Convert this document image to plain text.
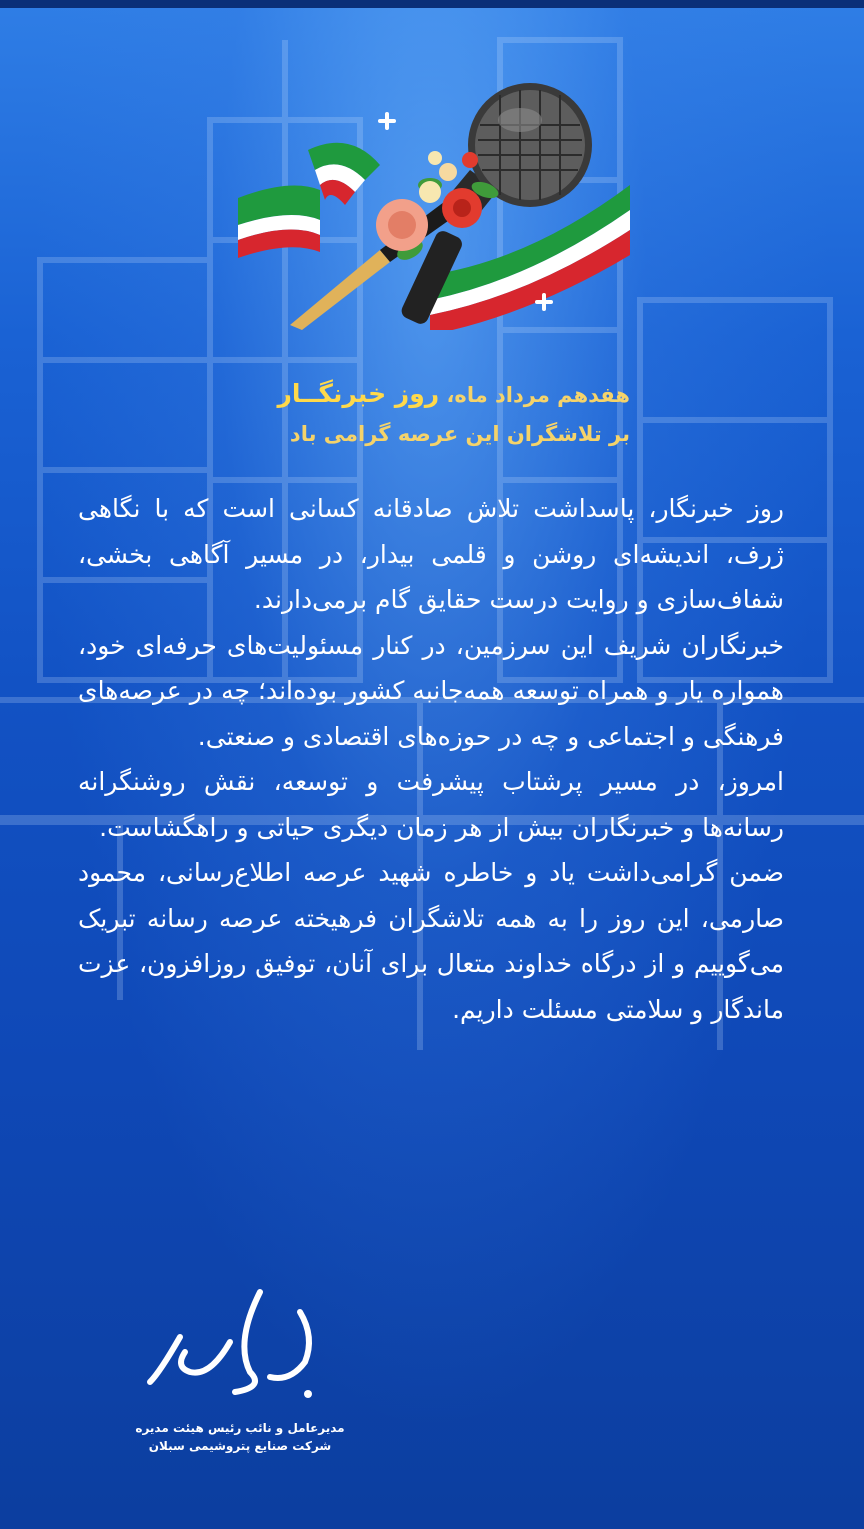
هفدهم مرداد ماه، روز خبرنگــار
بر تلاشگران این عرصه گرامی باد

روز خبرنگار، پاسداشت تلاش صادقانه کسانی است که با نگاهی ژرف، اندیشه‌ای روشن و قلمی بیدار، در مسیر آگاهی بخشی، شفاف‌سازی و روایت درست حقایق گام برمی‌دارند.

خبرنگاران شریف این سرزمین، در کنار مسئولیت‌های حرفه‌ای خود، همواره یار و همراه توسعه همه‌جانبه کشور بوده‌اند؛ چه در عرصه‌های فرهنگی و اجتماعی و چه در حوزه‌های اقتصادی و صنعتی.

امروز، در مسیر پرشتاب پیشرفت و توسعه، نقش روشنگرانه رسانه‌ها و خبرنگاران بیش از هر زمان دیگری حیاتی و راهگشاست.

ضمن گرامی‌داشت یاد و خاطره شهید عرصه اطلاع‌رسانی، محمود صارمی، این روز را به همه تلاشگران فرهیخته عرصه رسانه تبریک می‌گوییم و از درگاه خداوند متعال برای آنان، توفیق روزافزون، عزت ماندگار و سلامتی مسئلت داریم.

مدیرعامل و نائب رئیس هیئت مدیره
شرکت صنایع پتروشیمی سبلان
